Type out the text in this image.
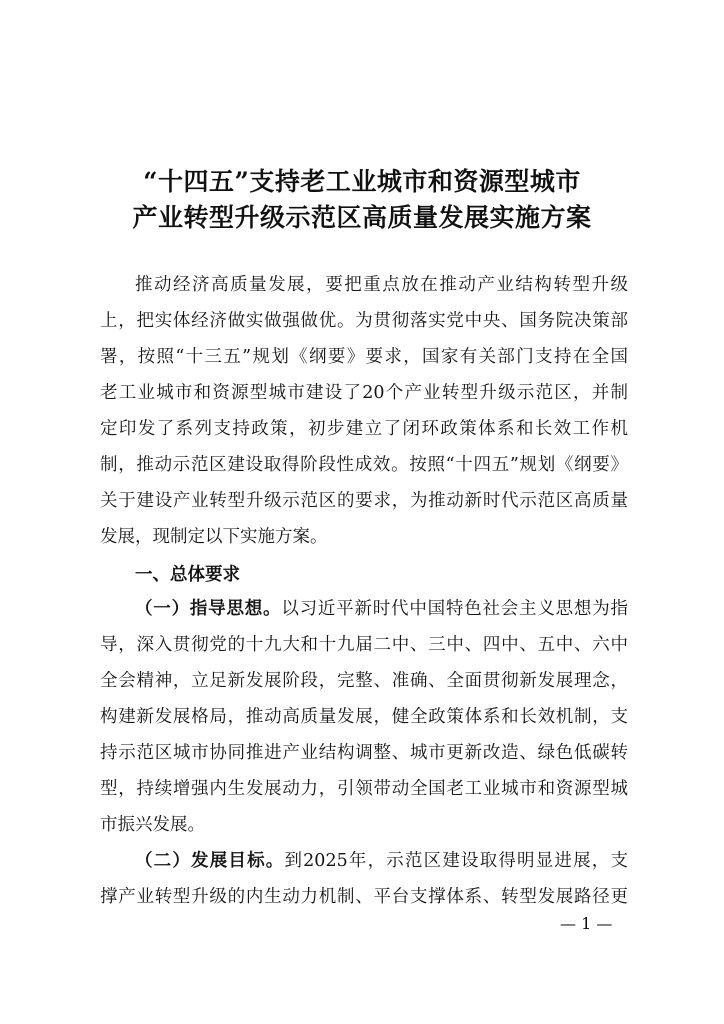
“十四五”支持老工业城市和资源型城市
产业转型升级示范区高质量发展实施方案
推动经济高质量发展，要把重点放在推动产业结构转型升级
上，把实体经济做实做强做优。为贯彻落实党中央、国务院决策部
署，按照“十三五”规划《纲要》要求，国家有关部门支持在全国
老工业城市和资源型城市建设了20个产业转型升级示范区，并制
定印发了系列支持政策，初步建立了闭环政策体系和长效工作机
制，推动示范区建设取得阶段性成效。按照“十四五”规划《纲要》
关于建设产业转型升级示范区的要求，为推动新时代示范区高质量
发展，现制定以下实施方案。
一、总体要求
（一）指导思想。以习近平新时代中国特色社会主义思想为指
导，深入贯彻党的十九大和十九届二中、三中、四中、五中、六中
全会精神，立足新发展阶段，完整、准确、全面贯彻新发展理念，
构建新发展格局，推动高质量发展，健全政策体系和长效机制，支
持示范区城市协同推进产业结构调整、城市更新改造、绿色低碳转
型，持续增强内生发展动力，引领带动全国老工业城市和资源型城
市振兴发展。
（二）发展目标。到2025年，示范区建设取得明显进展，支
撑产业转型升级的内生动力机制、平台支撑体系、转型发展路径更
— 1 —
